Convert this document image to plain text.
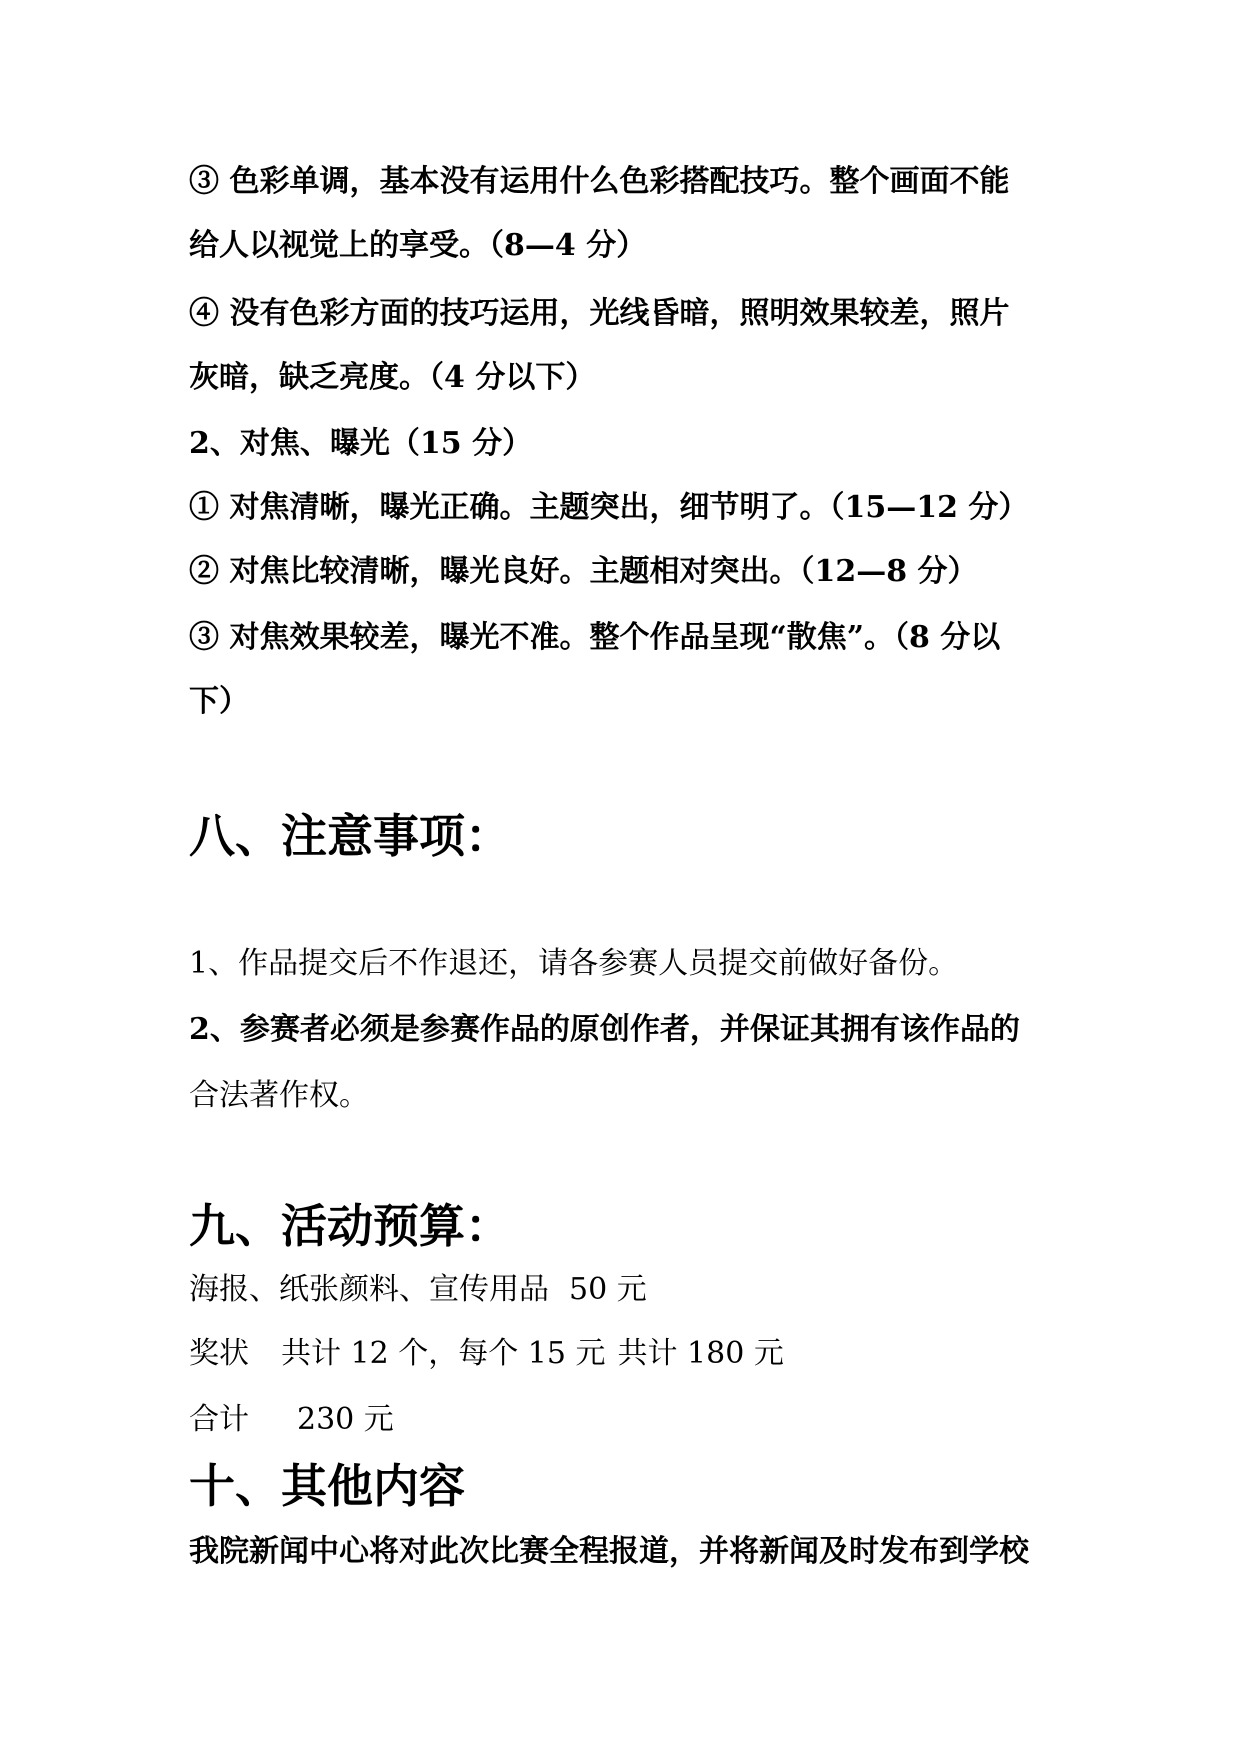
③ 色彩单调，基本没有运用什么色彩搭配技巧。整个画面不能
给人以视觉上的享受。（8—4 分）
④ 没有色彩方面的技巧运用，光线昏暗，照明效果较差，照片
灰暗，缺乏亮度。（4 分以下）
2、对焦、曝光（15 分）
① 对焦清晰，曝光正确。主题突出，细节明了。（15—12 分）
② 对焦比较清晰，曝光良好。主题相对突出。（12—8 分）
③ 对焦效果较差，曝光不准。整个作品呈现“散焦”。（8 分以
下）
八、注意事项：
1、作品提交后不作退还，请各参赛人员提交前做好备份。
2、参赛者必须是参赛作品的原创作者，并保证其拥有该作品的
合法著作权。
九、活动预算：
海报、纸张颜料、宣传用品 50 元
奖状 共计 12 个，每个 15 元 共计 180 元
合计 230 元
十、其他内容
我院新闻中心将对此次比赛全程报道，并将新闻及时发布到学校
